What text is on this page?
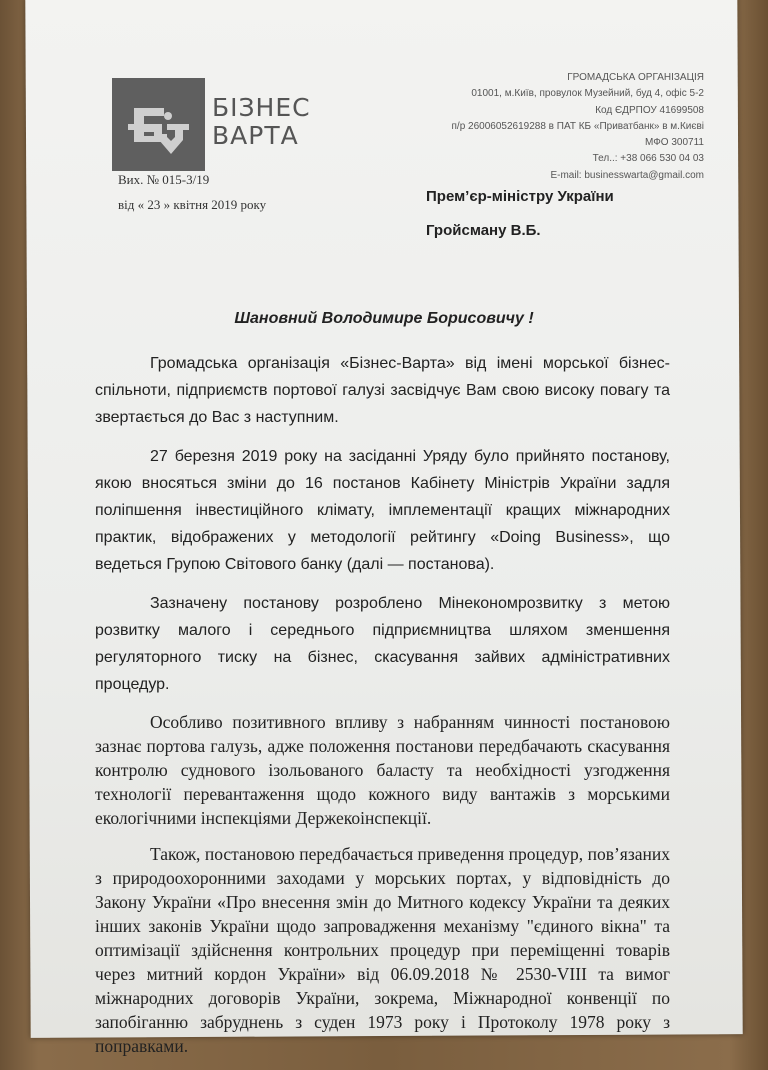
БІЗНЕС
ВАРТА
ГРОМАДСЬКА ОРГАНІЗАЦІЯ
01001, м.Київ, провулок Музейний, буд 4, офіс 5-2
Код ЄДРПОУ 41699508
п/р 26006052619288 в ПАТ КБ «Приватбанк» в м.Києві
МФО 300711
Тел..: +38 066 530 04 03
E-mail: businesswarta@gmail.com
Вих. № 015-3/19
від « 23 » квітня 2019 року	Прем’єр-міністру України
Гройсману В.Б.
Шановний Володимире Борисовичу !

Громадська організація «Бізнес-Варта» від імені морської бізнес-спільноти, підприємств портової галузі засвідчує Вам свою високу повагу та звертається до Вас з наступним.

27 березня 2019 року на засіданні Уряду було прийнято постанову, якою вносяться зміни до 16 постанов Кабінету Міністрів України задля поліпшення інвестиційного клімату, імплементації кращих міжнародних практик, відображених у методології рейтингу «Doing Business», що ведеться Групою Світового банку (далі — постанова).

Зазначену постанову розроблено Мінекономрозвитку з метою розвитку малого і середнього підприємництва шляхом зменшення регуляторного тиску на бізнес, скасування зайвих адміністративних процедур.

Особливо позитивного впливу з набранням чинності постановою зазнає портова галузь, адже положення постанови передбачають скасування контролю суднового ізольованого баласту та необхідності узгодження технології перевантаження щодо кожного виду вантажів з морськими екологічними інспекціями Держекоінспекції.

Також, постановою передбачається приведення процедур, пов’язаних з природоохоронними заходами у морських портах, у відповідність до Закону України «Про внесення змін до Митного кодексу України та деяких інших законів України щодо запровадження механізму "єдиного вікна" та оптимізації здійснення контрольних процедур при переміщенні товарів через митний кордон України» від 06.09.2018 № 2530-VIII та вимог міжнародних договорів України, зокрема, Міжнародної конвенції по запобіганню забруднень з суден 1973 року і Протоколу 1978 року з поправками.
